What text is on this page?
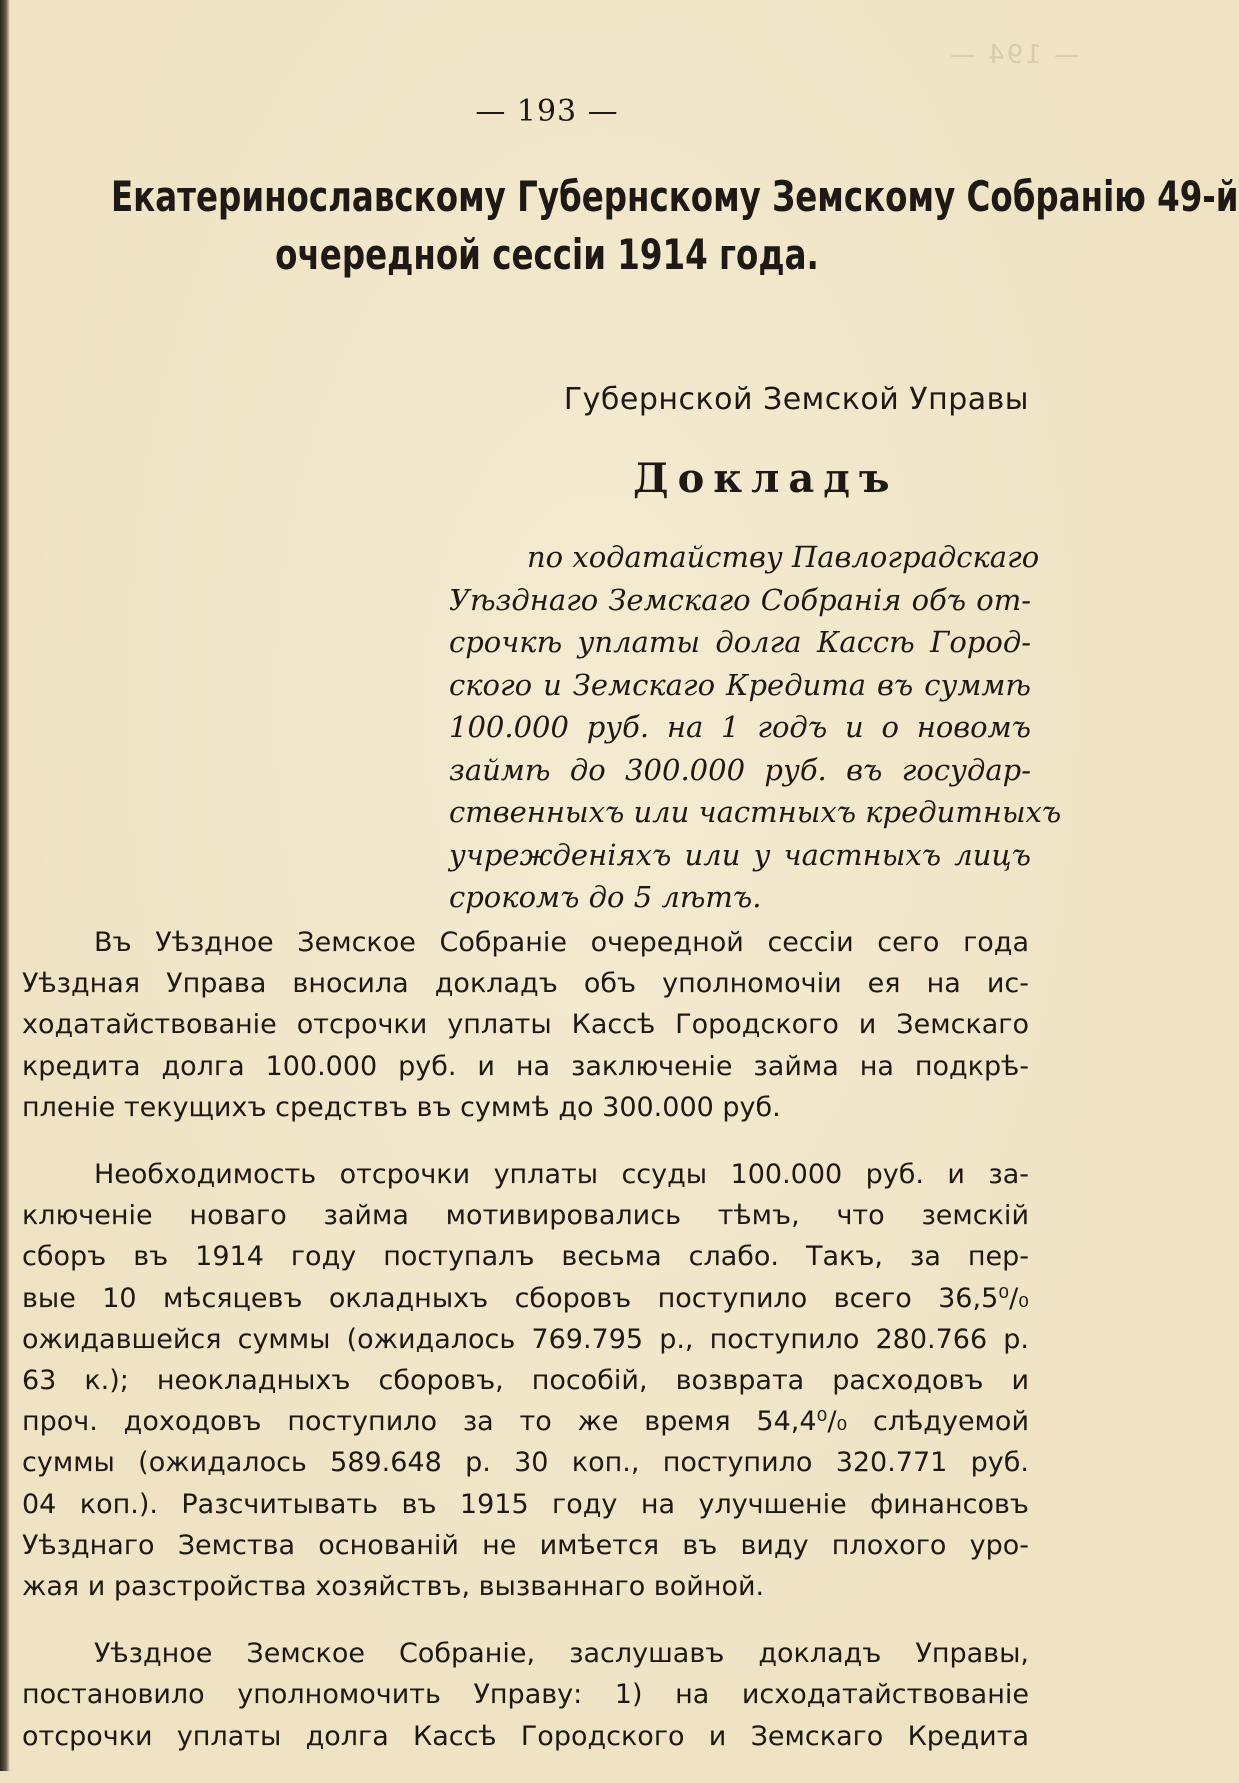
— 194 —
— 193 —
Екатеринославскому Губернскому Земскому Собранію 49-й
очередной сессіи 1914 года.
Губернской Земской Управы
Докладъ
по ходатайству Павлоградскаго
Уѣзднаго Земскаго Собранія объ от-
срочкѣ уплаты долга Кассѣ Город-
ского и Земскаго Кредита въ суммѣ
100.000 руб. на 1 годъ и о новомъ
займѣ до 300.000 руб. въ государ-
ственныхъ или частныхъ кредитныхъ
учрежденіяхъ или у частныхъ лицъ
срокомъ до 5 лѣтъ.
Въ Уѣздное Земское Собраніе очередной сессіи сего года
Уѣздная Управа вносила докладъ объ уполномочіи ея на ис-
ходатайствованіе отсрочки уплаты Кассѣ Городского и Земскаго
кредита долга 100.000 руб. и на заключеніе займа на подкрѣ-
пленіе текущихъ средствъ въ суммѣ до 300.000 руб.
Необходимость отсрочки уплаты ссуды 100.000 руб. и за-
ключеніе новаго займа мотивировались тѣмъ, что земскій
сборъ въ 1914 году поступалъ весьма слабо. Такъ, за пер-
вые 10 мѣсяцевъ окладныхъ сборовъ поступило всего 36,5⁰/₀
ожидавшейся суммы (ожидалось 769.795 р., поступило 280.766 р.
63 к.); неокладныхъ сборовъ, пособій, возврата расходовъ и
проч. доходовъ поступило за то же время 54,4⁰/₀ слѣдуемой
суммы (ожидалось 589.648 р. 30 коп., поступило 320.771 руб.
04 коп.). Разсчитывать въ 1915 году на улучшеніе финансовъ
Уѣзднаго Земства основаній не имѣется въ виду плохого уро-
жая и разстройства хозяйствъ, вызваннаго войной.
Уѣздное Земское Собраніе, заслушавъ докладъ Управы,
постановило уполномочить Управу: 1) на исходатайствованіе
отсрочки уплаты долга Кассѣ Городского и Земскаго Кредита
